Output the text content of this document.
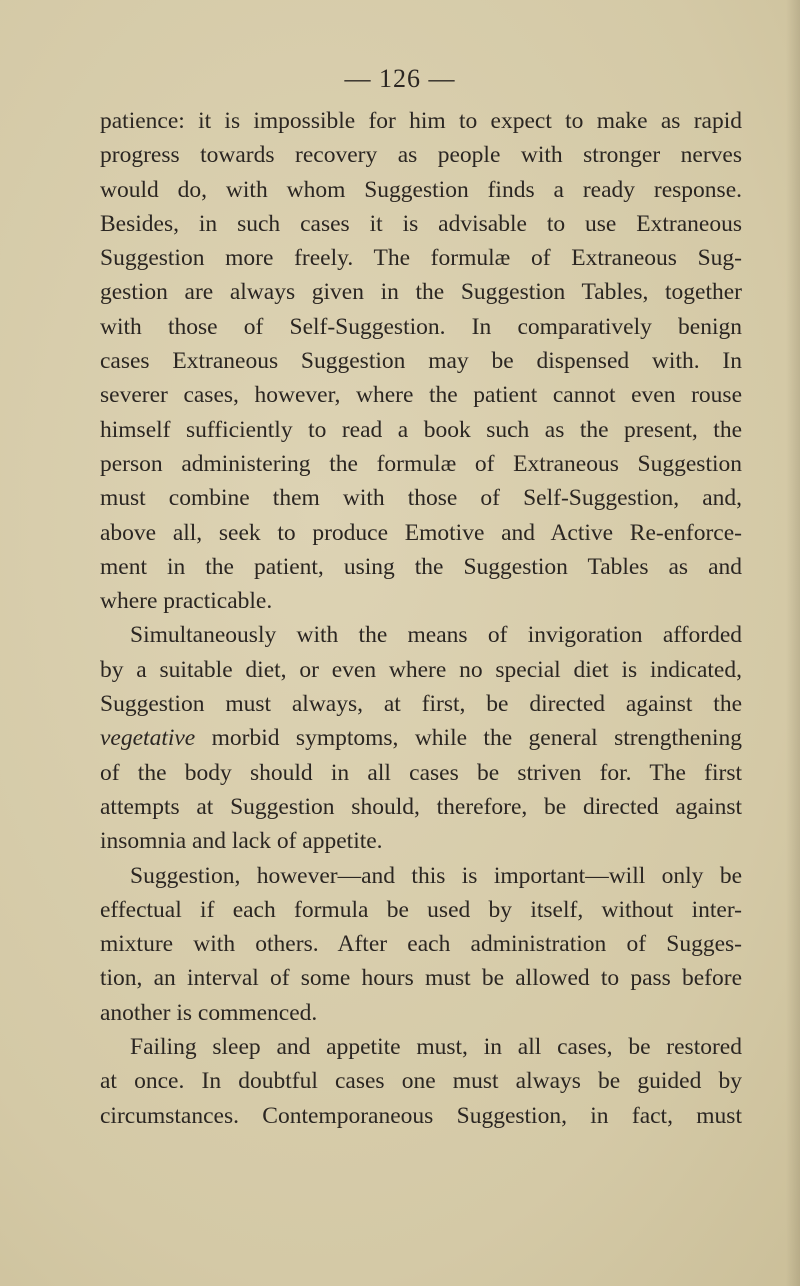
— 126 —
patience: it is impossible for him to expect to make as rapid
progress towards recovery as people with stronger nerves
would do, with whom Suggestion finds a ready response.
Besides, in such cases it is advisable to use Extraneous
Suggestion more freely. The formulæ of Extraneous Sug-
gestion are always given in the Suggestion Tables, together
with those of Self-Suggestion. In comparatively benign
cases Extraneous Suggestion may be dispensed with. In
severer cases, however, where the patient cannot even rouse
himself sufficiently to read a book such as the present, the
person administering the formulæ of Extraneous Suggestion
must combine them with those of Self-Suggestion, and,
above all, seek to produce Emotive and Active Re-enforce-
ment in the patient, using the Suggestion Tables as and
where practicable.
Simultaneously with the means of invigoration afforded
by a suitable diet, or even where no special diet is indicated,
Suggestion must always, at first, be directed against the
vegetative morbid symptoms, while the general strengthening
of the body should in all cases be striven for. The first
attempts at Suggestion should, therefore, be directed against
insomnia and lack of appetite.
Suggestion, however—and this is important—will only be
effectual if each formula be used by itself, without inter-
mixture with others. After each administration of Sugges-
tion, an interval of some hours must be allowed to pass before
another is commenced.
Failing sleep and appetite must, in all cases, be restored
at once. In doubtful cases one must always be guided by
circumstances. Contemporaneous Suggestion, in fact, must
